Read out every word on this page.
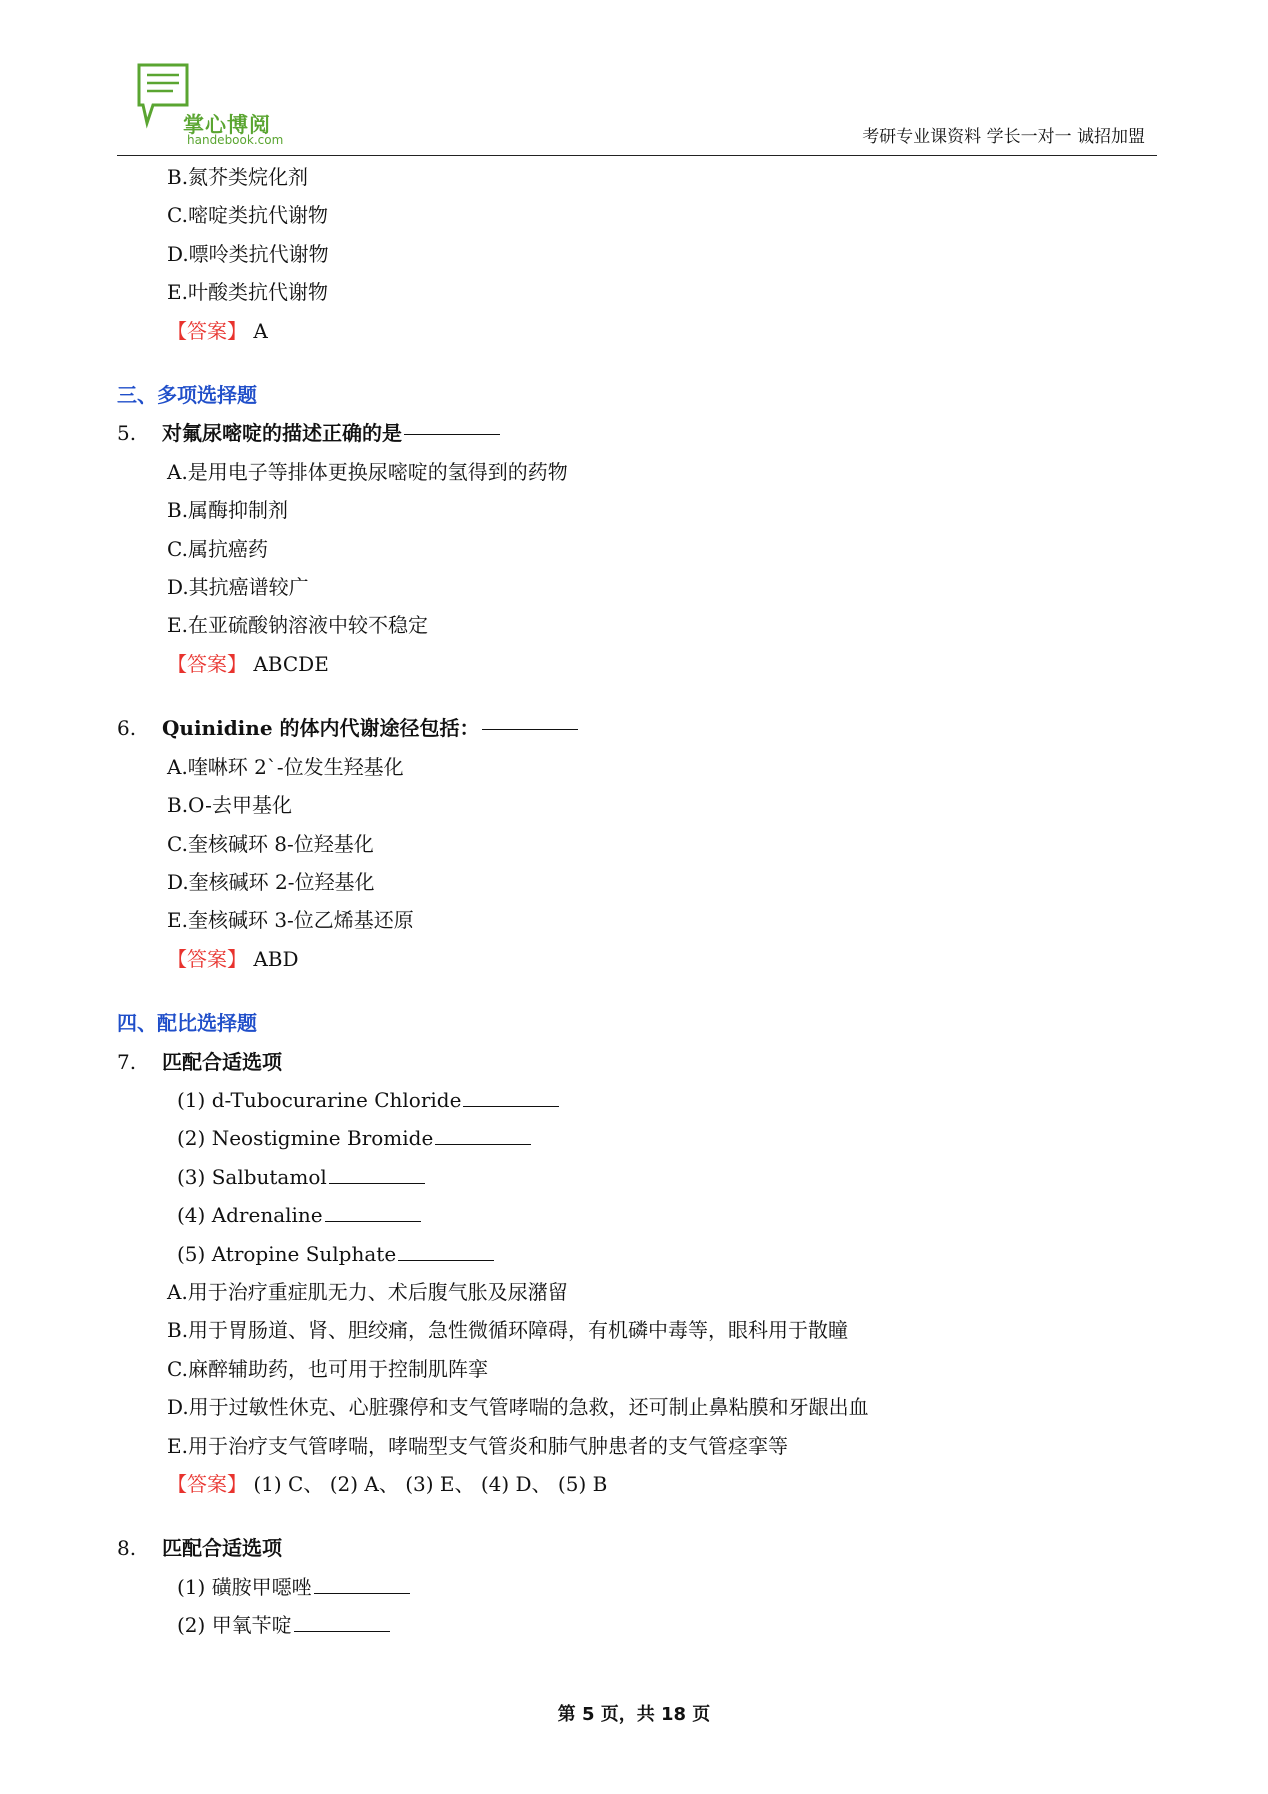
掌心博阅
handebook.com	考研专业课资料 学长一对一 诚招加盟
B.氮芥类烷化剂
C.嘧啶类抗代谢物
D.嘌呤类抗代谢物
E.叶酸类抗代谢物
【答案】 A
三、多项选择题
5.	对氟尿嘧啶的描述正确的是
A.是用电子等排体更换尿嘧啶的氢得到的药物
B.属酶抑制剂
C.属抗癌药
D.其抗癌谱较广
E.在亚硫酸钠溶液中较不稳定
【答案】 ABCDE
6.	Quinidine 的体内代谢途径包括：
A.喹啉环 2`-位发生羟基化
B.O-去甲基化
C.奎核碱环 8-位羟基化
D.奎核碱环 2-位羟基化
E.奎核碱环 3-位乙烯基还原
【答案】 ABD
四、配比选择题
7.	匹配合适选项
(1) d-Tubocurarine Chloride
(2) Neostigmine Bromide
(3) Salbutamol
(4) Adrenaline
(5) Atropine Sulphate
A.用于治疗重症肌无力、术后腹气胀及尿潴留
B.用于胃肠道、肾、胆绞痛，急性微循环障碍，有机磷中毒等，眼科用于散瞳
C.麻醉辅助药，也可用于控制肌阵挛
D.用于过敏性休克、心脏骤停和支气管哮喘的急救，还可制止鼻粘膜和牙龈出血
E.用于治疗支气管哮喘，哮喘型支气管炎和肺气肿患者的支气管痉挛等
【答案】 (1) C、 (2) A、 (3) E、 (4) D、 (5) B
8.	匹配合适选项
(1) 磺胺甲噁唑
(2) 甲氧苄啶
第 5 页，共 18 页
